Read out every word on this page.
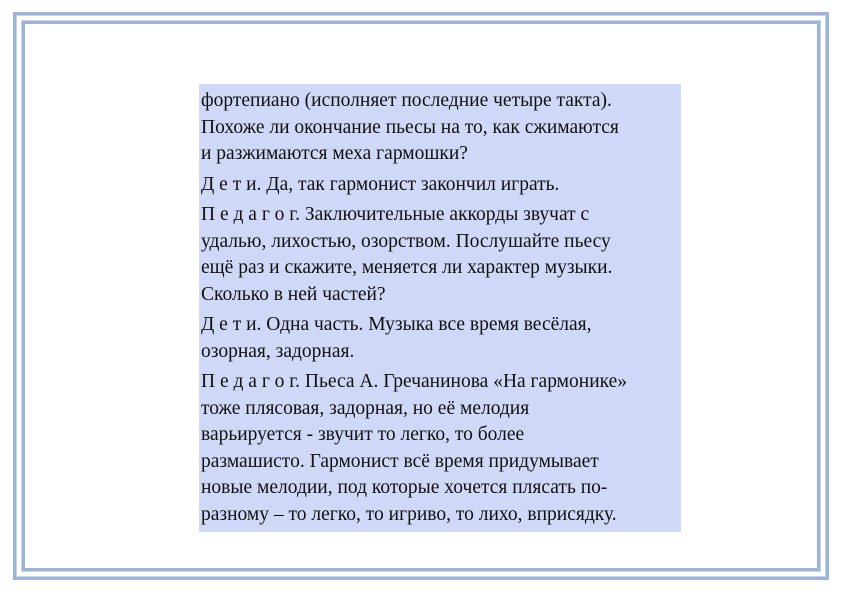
фортепиано (исполняет последние четыре такта).
Похоже ли окончание пьесы на то, как сжимаются
и разжимаются меха гармошки?

Д е т и. Да, так гармонист закончил играть.

П е д а г о г. Заключительные аккорды звучат с
удалью, лихостью, озорством. Послушайте пьесу
ещё раз и скажите, меняется ли характер музыки.
Сколько в ней частей?

Д е т и. Одна часть. Музыка все время весёлая,
озорная, задорная.

П е д а г о г. Пьеса А. Гречанинова «На гармонике»
тоже плясовая, задорная, но её мелодия
варьируется - звучит то легко, то более
размашисто. Гармонист всё время придумывает
новые мелодии, под которые хочется плясать по-
разному – то легко, то игриво, то лихо, вприсядку.
